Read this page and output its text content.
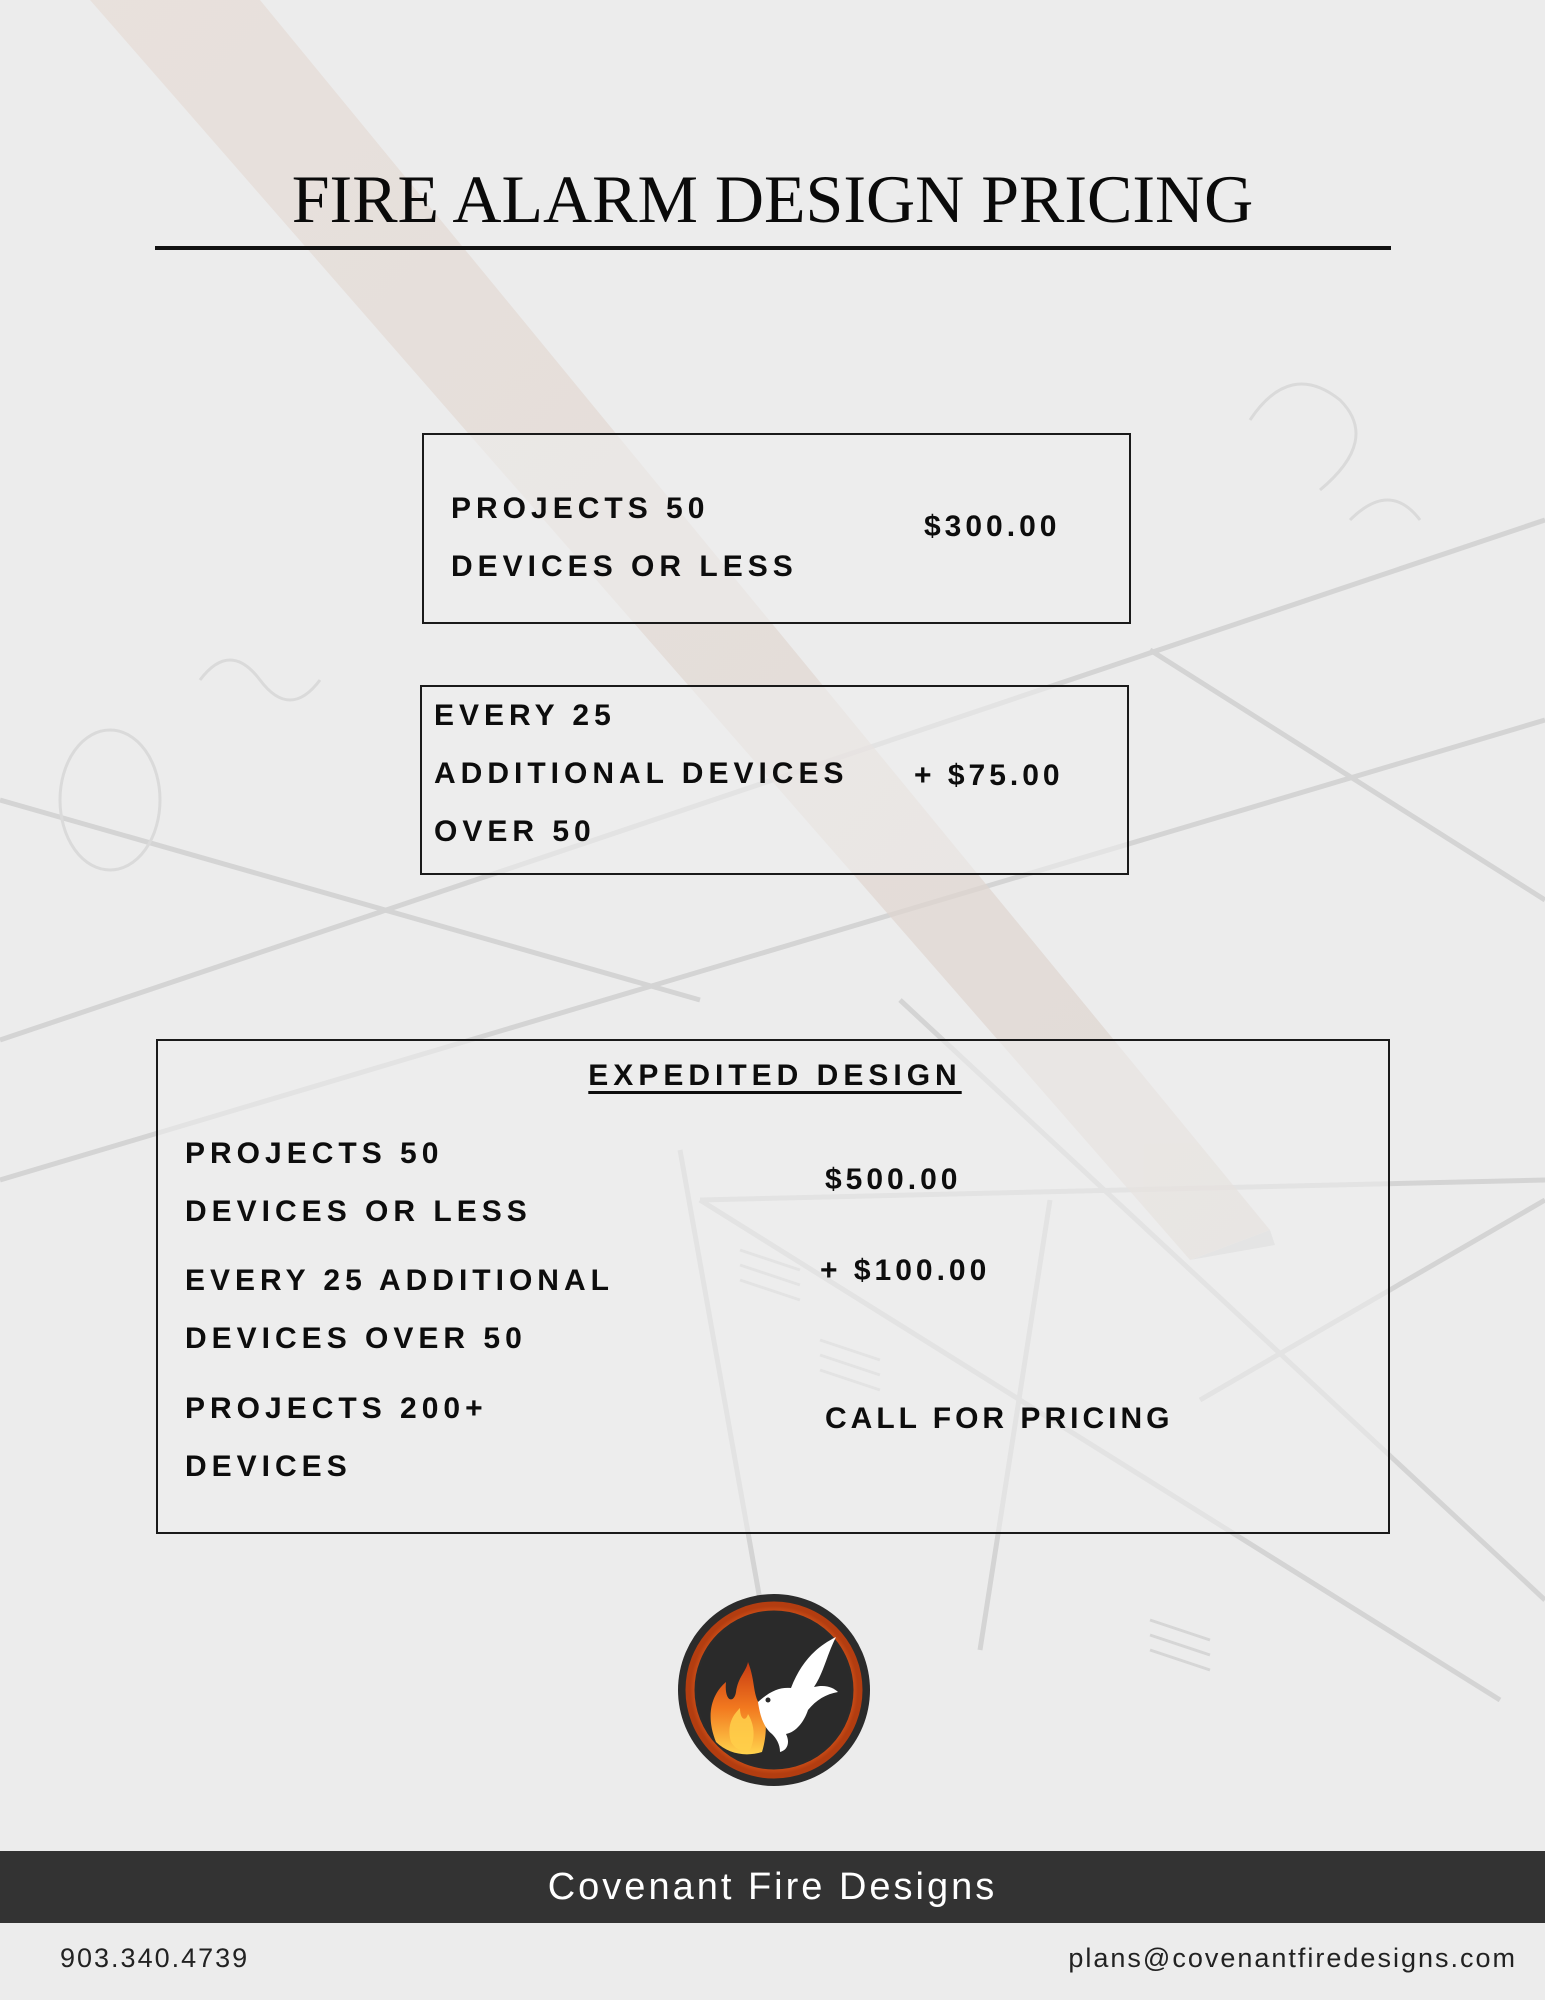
FIRE ALARM DESIGN PRICING
PROJECTS 50
DEVICES OR LESS
$300.00
EVERY 25
ADDITIONAL DEVICES
OVER 50
+ $75.00
EXPEDITED DESIGN
PROJECTS 50
DEVICES OR LESS
$500.00
EVERY 25 ADDITIONAL
DEVICES OVER 50
+ $100.00
PROJECTS 200+
DEVICES
CALL FOR PRICING
Covenant Fire Designs
903.340.4739	plans@covenantfiredesigns.com
